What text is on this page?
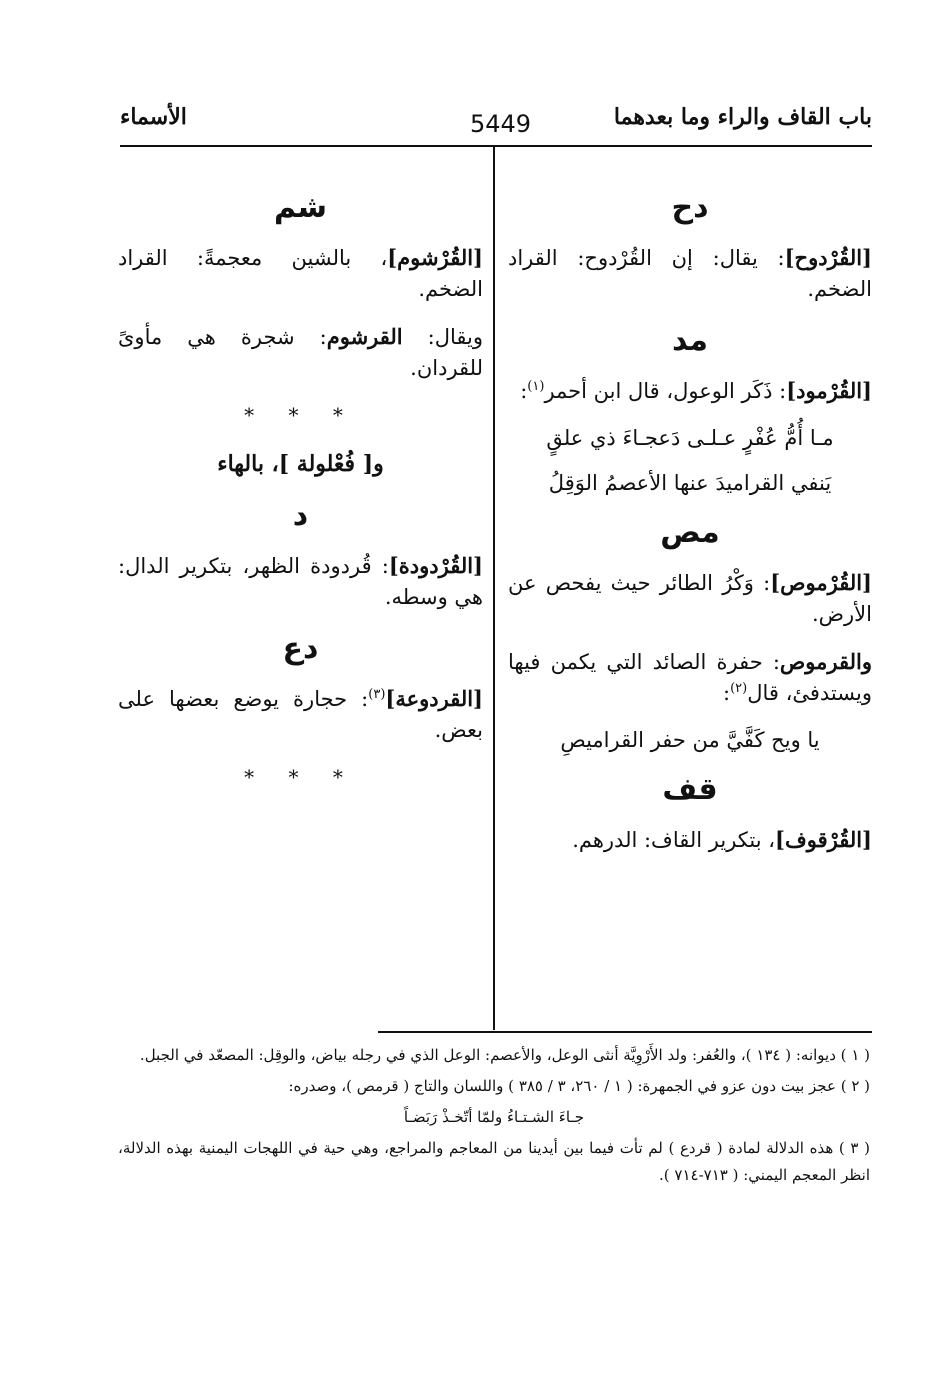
باب القاف والراء وما بعدهما
5449
الأسماء
دح

[القُرْدوح]: يقال: إن القُرْدوح: القراد الضخم.

مد

[القُرْمود]: ذَكَر الوعول، قال ابن أحمر$^{(١)}$:

مـا أُمُّ عُفْرٍ عـلـى دَعجـاءَ ذي علقٍ
يَنفي القراميدَ عنها الأعصمُ الوَقِلُ
مص

[القُرْموص]: وَكْرُ الطائر حيث يفحص عن الأرض.

والقرموص: حفرة الصائد التي يكمن فيها ويستدفئ، قال$^{(٢)}$:

يا ويح كَفَّيَّ من حفر القراميصِ
قف

[القُرْقوف]، بتكرير القاف: الدرهم.

شم

[القُرْشوم]، بالشين معجمةً: القراد الضخم.

ويقال: القرشوم: شجرة هي مأوىً للقردان.

* * *
و[ فُعْلولة ]، بالهاء
د

[القُرْدودة]: قُردودة الظهر، بتكرير الدال: هي وسطه.

دع

[القردوعة]$^{(٣)}$: حجارة يوضع بعضها على بعض.

* * *

( ١ ) ديوانه: ( ١٣٤ )، والعُفر: ولد الأَرْوِيَّة أنثى الوعل، والأعصم: الوعل الذي في رجله بياض، والوقِل: المصعّد في الجبل.

( ٢ ) عجز بيت دون عزو في الجمهرة: ( ١ / ٢٦٠، ٣ / ٣٨٥ ) واللسان والتاج ( قرمص )، وصدره:

جـاءَ الشـتـاءُ ولمّا أتّخـذْ رَبَضـاً

( ٣ ) هذه الدلالة لمادة ( قردع ) لم تأت فيما بين أيدينا من المعاجم والمراجع، وهي حية في اللهجات اليمنية بهذه الدلالة، انظر المعجم اليمني: ( ٧١٣-٧١٤ ).
